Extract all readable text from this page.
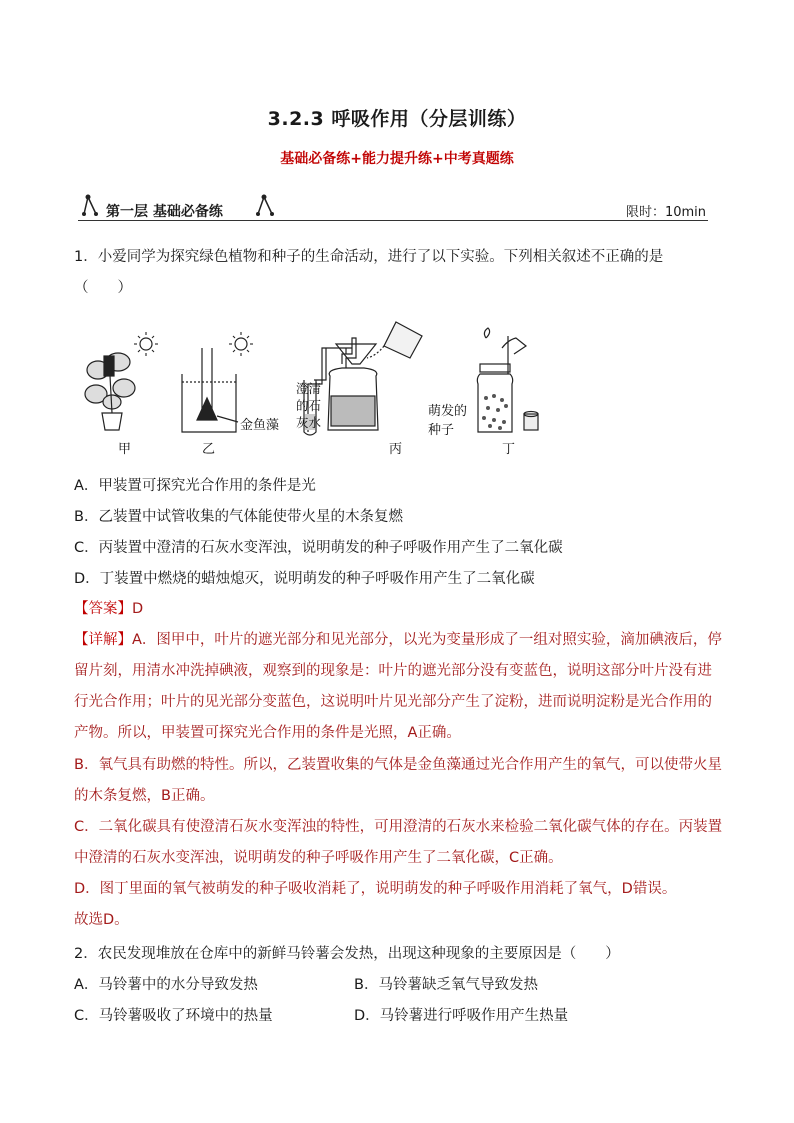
3.2.3 呼吸作用（分层训练）
基础必备练+能力提升练+中考真题练
第一层 基础必备练	限时：10min
1．小爱同学为探究绿色植物和种子的生命活动，进行了以下实验。下列相关叙述不正确的是
（　　）
甲	乙
金鱼藻
澄清的石灰水
丙
萌发的
种子
丁
A．甲装置可探究光合作用的条件是光
B．乙装置中试管收集的气体能使带火星的木条复燃
C．丙装置中澄清的石灰水变浑浊，说明萌发的种子呼吸作用产生了二氧化碳
D．丁装置中燃烧的蜡烛熄灭，说明萌发的种子呼吸作用产生了二氧化碳
【答案】D
【详解】A．图甲中，叶片的遮光部分和见光部分，以光为变量形成了一组对照实验，滴加碘液后，停留片刻，用清水冲洗掉碘液，观察到的现象是：叶片的遮光部分没有变蓝色，说明这部分叶片没有进行光合作用；叶片的见光部分变蓝色，这说明叶片见光部分产生了淀粉，进而说明淀粉是光合作用的产物。所以，甲装置可探究光合作用的条件是光照，A正确。
B．氧气具有助燃的特性。所以，乙装置收集的气体是金鱼藻通过光合作用产生的氧气，可以使带火星的木条复燃，B正确。
C．二氧化碳具有使澄清石灰水变浑浊的特性，可用澄清的石灰水来检验二氧化碳气体的存在。丙装置中澄清的石灰水变浑浊，说明萌发的种子呼吸作用产生了二氧化碳，C正确。
D．图丁里面的氧气被萌发的种子吸收消耗了，说明萌发的种子呼吸作用消耗了氧气，D错误。
故选D。
2．农民发现堆放在仓库中的新鲜马铃薯会发热，出现这种现象的主要原因是（　　）
A．马铃薯中的水分导致发热	B．马铃薯缺乏氧气导致发热
C．马铃薯吸收了环境中的热量	D．马铃薯进行呼吸作用产生热量
